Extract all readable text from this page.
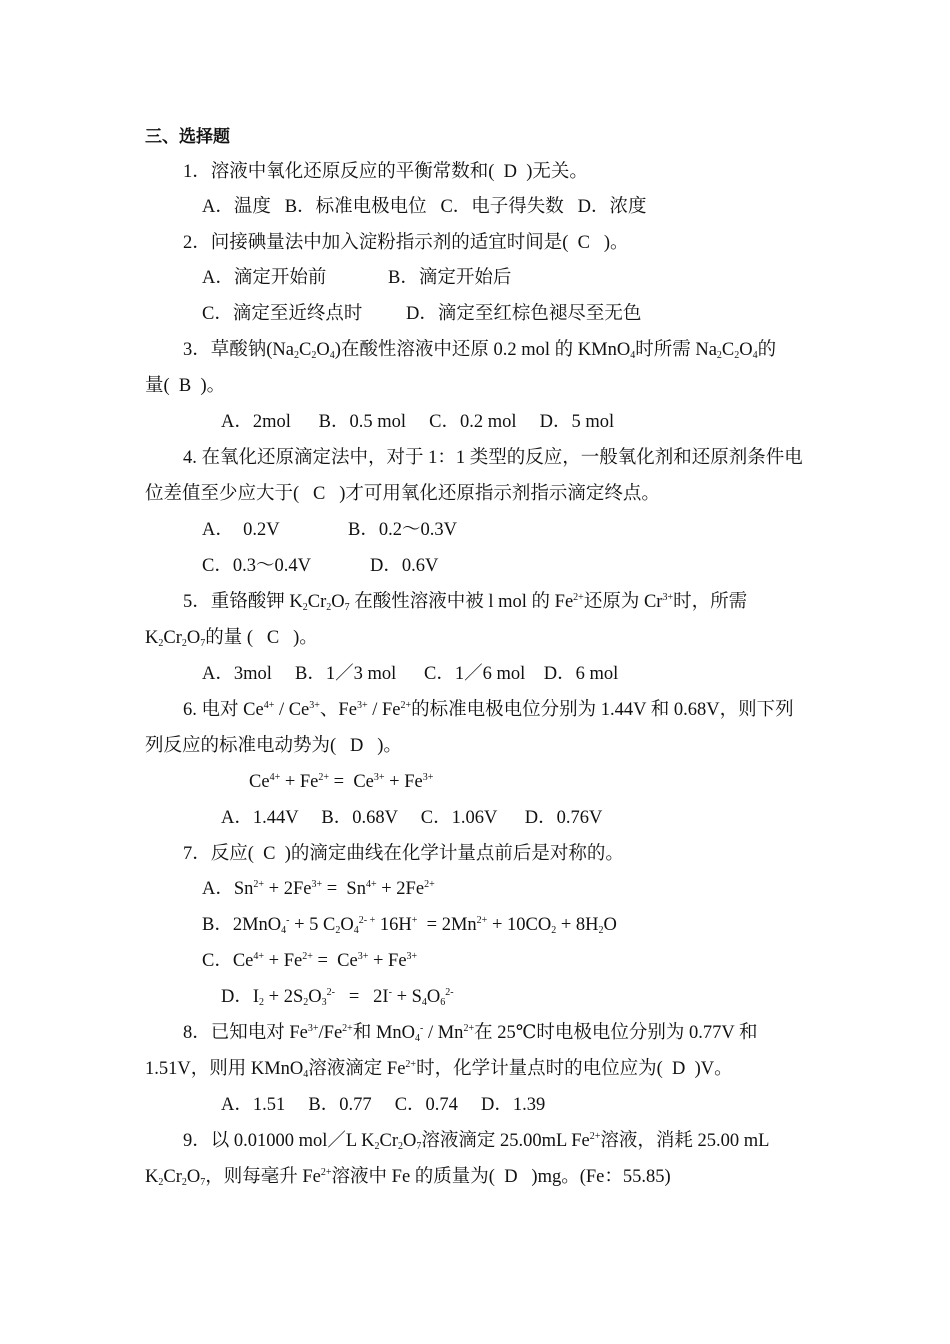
三、选择题
1．溶液中氧化还原反应的平衡常数和(  D  )无关。
A．温度   B．标准电极电位   C．电子得失数   D．浓度
2．问接碘量法中加入淀粉指示剂的适宜时间是(  C   )。
A．滴定开始前	B．滴定开始后
C．滴定至近终点时 D．滴定至红棕色褪尽至无色
3．草酸钠$(Na_2C_2O_4)$在酸性溶液中还原 0.2 mol 的 KMnO$_4$时所需 $Na_2C_2O_4$的
量(  B  )。
A．2mol      B．0.5 mol     C．0.2 mol     D．5 mol
4. 在氧化还原滴定法中，对于 1：1 类型的反应，一般氧化剂和还原剂条件电
位差值至少应大于(   C   )才可用氧化还原指示剂指示滴定终点。
A．  0.2V	B．0.2～0.3V
C．0.3～0.4V	D．0.6V
5．重铬酸钾 $K_2Cr_2O_7$ 在酸性溶液中被 l mol 的 $Fe^{2+}$还原为 $Cr^{3+}$时，所需
$K_2Cr_2O_7$的量 (   C   )。
A．3mol     B．1／3 mol      C．1／6 mol    D．6 mol
6. 电对 $Ce^{4+} / Ce^{3+}$、$Fe^{3+} / Fe^{2+}$的标准电极电位分别为 1.44V 和 0.68V，则下列
列反应的标准电动势为(   D   )。
$Ce^{4+} + Fe^{2+} = Ce^{3+} + Fe^{3+}$
A．1.44V     B．0.68V     C．1.06V      D．0.76V
7．反应(  C  )的滴定曲线在化学计量点前后是对称的。
A．$Sn^{2+} + 2Fe^{3+} = Sn^{4+} + 2Fe^{2+}$
B．2MnO$_4$- + 5 $C_2O_4^{2- +}$ $16H^+ = 2Mn^{2+} + 10CO_2 + 8H_2O$
C．$Ce^{4+} + Fe^{2+} = Ce^{3+} + Fe^{3+}$
D．$I_2 + 2S_2O_3^{2-} = 2I^- + S_4O_6^{2-}$
8．已知电对 $Fe^{3+}/Fe^{2+}$和 $MnO_4^- / Mn^{2+}$在 25℃时电极电位分别为 0.77V 和
1.51V，则用 KMnO$_4$溶液滴定 $Fe^{2+}$时，化学计量点时的电位应为(  D  )V。
A．1.51     B．0.77     C．0.74     D．1.39
9．以 0.01000 mol／L $K_2Cr_2O_7$溶液滴定 25.00mL $Fe^{2+}$溶液，消耗 25.00 mL
$K_2Cr_2O_7$，则每毫升 $Fe^{2+}$溶液中 Fe 的质量为(  D   )mg。(Fe：55.85)
